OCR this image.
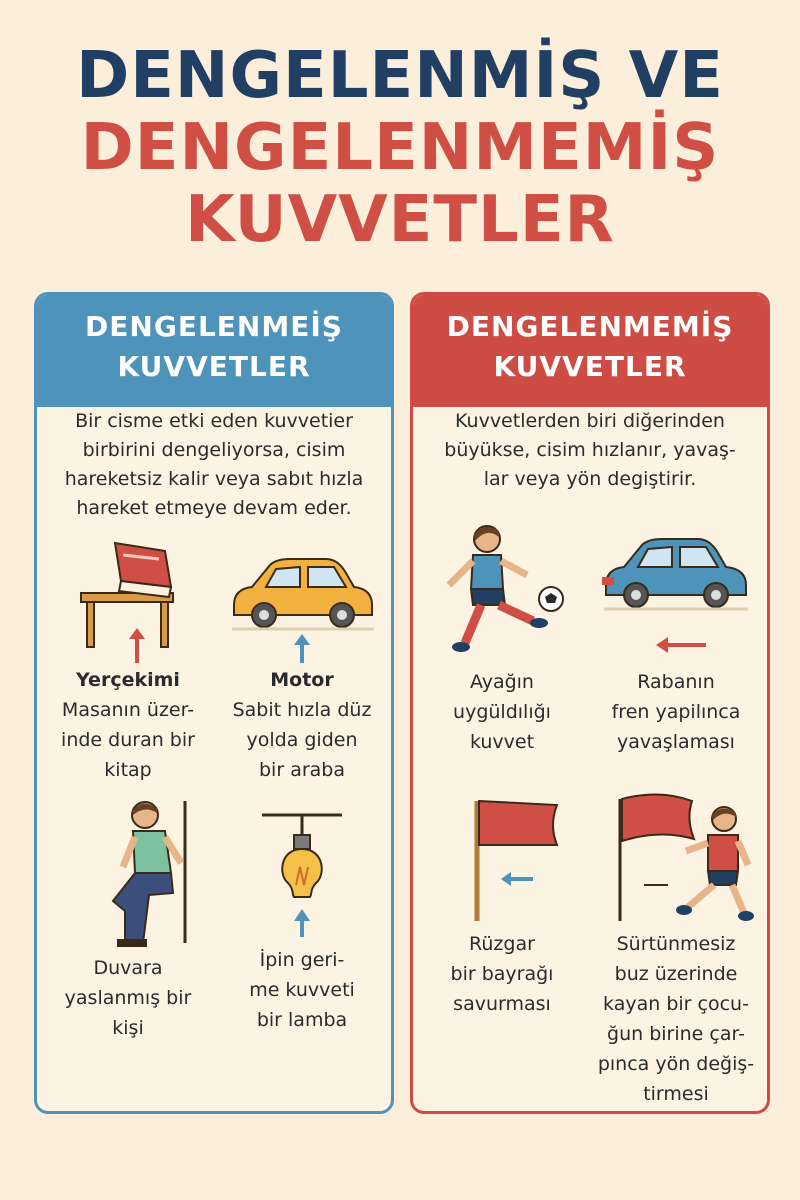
DENGELENMİŞ VE
DENGELENMEMİŞ
KUVVETLER
DENGELENMEİŞ
KUVVETLER
Bir cisme etki eden kuvvetier
birbirini dengeliyorsa, cisim
hareketsiz kalir veya sabıt hızla
hareket etmeye devam eder.
Yerçekimi
Masanın üzer-
inde duran bir
kitap
Motor
Sabit hızla düz
yolda giden
bir araba
Duvara
yaslanmış bir
kişi
İpin geri-
me kuvveti
bir lamba
DENGELENMEMİŞ
KUVVETLER
Kuvvetlerden biri diğerinden
büyükse, cisim hızlanır, yavaş-
lar veya yön degiştirir.
Ayağın
uygüldılığı
kuvvet
Rabanın
fren yapilınca
yavaşlaması
Rüzgar
bir bayrağı
savurması
Sürtünmesiz
buz üzerinde
kayan bir çocu-
ğun birine çar-
pınca yön değiş-
tirmesi
